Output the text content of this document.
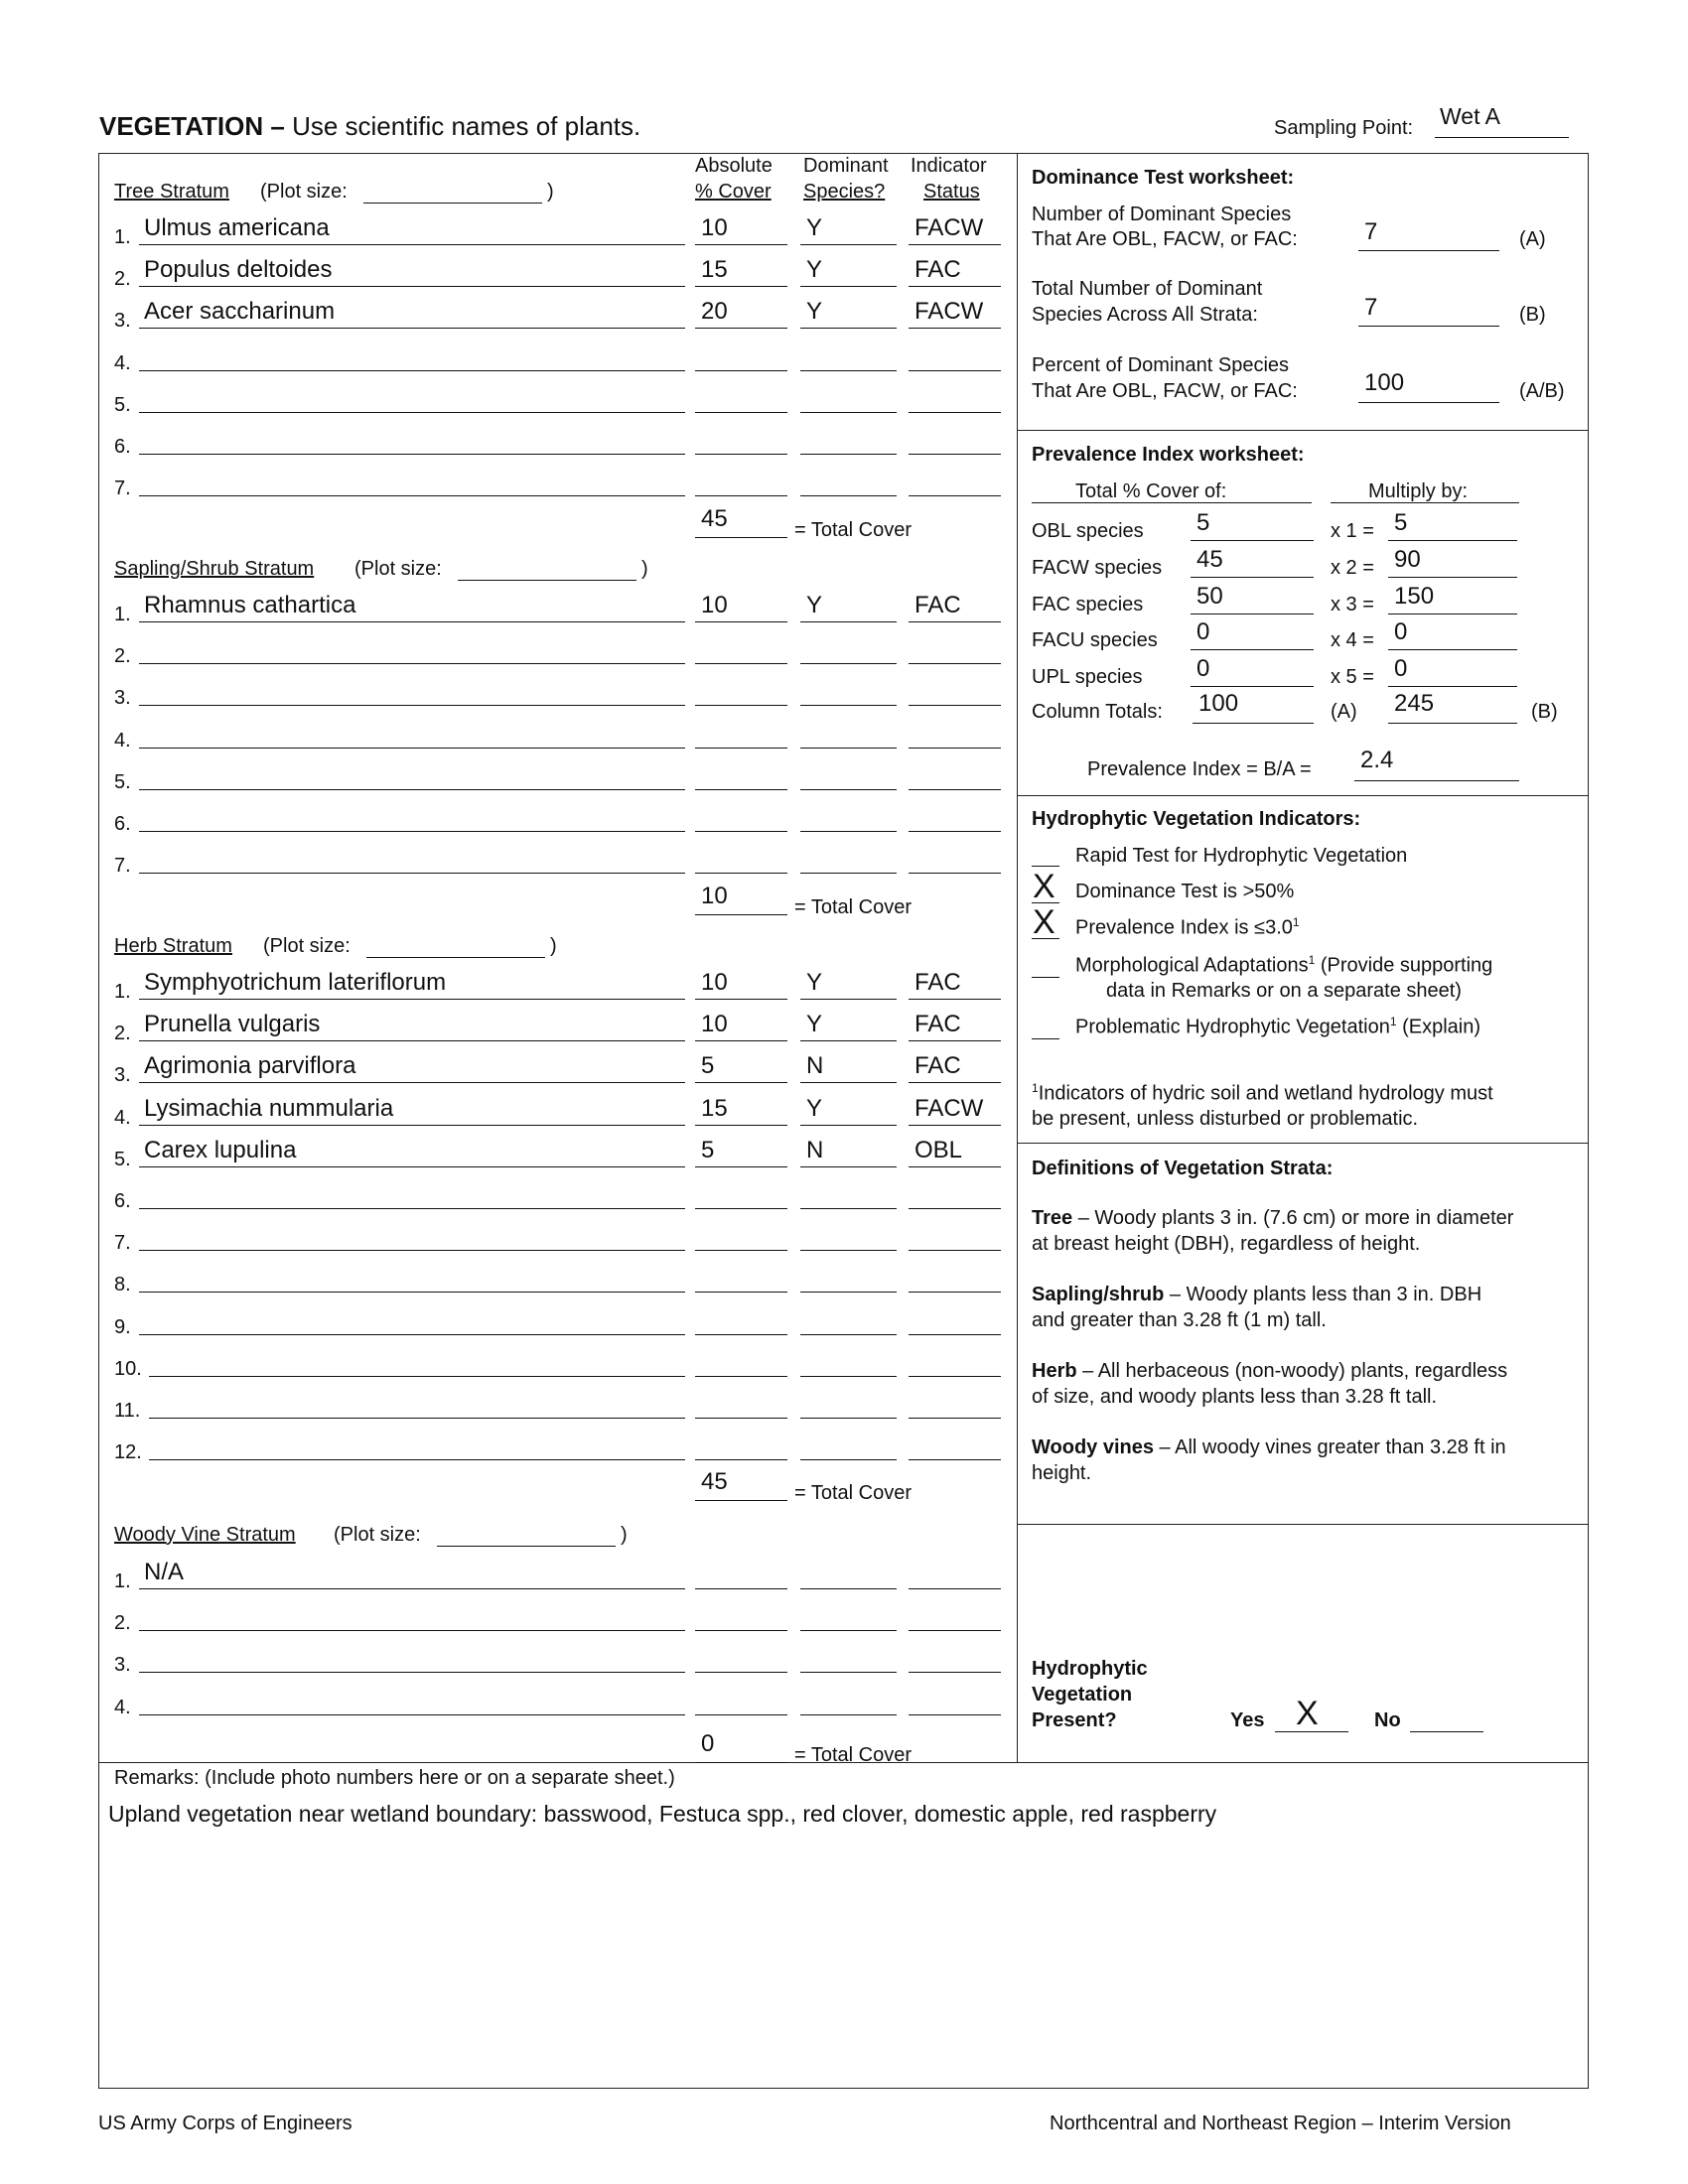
VEGETATION – Use scientific names of plants.	Sampling Point: Wet A
Absolute
% Cover
Dominant
Species?
Indicator
Status
Tree Stratum (Plot size:	)
1. Ulmus americana	10	Y	FACW
2. Populus deltoides	15	Y	FAC
3. Acer saccharinum	20	Y	FACW
4.
5.
6.
7.
45	= Total Cover
Sapling/Shrub Stratum (Plot size:	)
1. Rhamnus cathartica	10	Y	FAC
2.
3.
4.
5.
6.
7.
10	= Total Cover
Herb Stratum (Plot size:	)
1. Symphyotrichum lateriflorum	10	Y	FAC
2. Prunella vulgaris	10	Y	FAC
3. Agrimonia parviflora	5	N	FAC
4. Lysimachia nummularia	15	Y	FACW
5. Carex lupulina	5	N	OBL
6.
7.
8.
9.
10.
11.
12.
45	= Total Cover
Woody Vine Stratum (Plot size:	)
1. N/A
2.
3.
4.
0	= Total Cover
Dominance Test worksheet:
Number of Dominant Species
That Are OBL, FACW, or FAC:	7	(A)
Total Number of Dominant
Species Across All Strata:	7	(B)
Percent of Dominant Species
That Are OBL, FACW, or FAC:	100	(A/B)
Prevalence Index worksheet:
Total % Cover of:	Multiply by:
OBL species 5	x 1 = 5
FACW species 45	x 2 = 90
FAC species 50	x 3 = 150
FACU species 0	x 4 = 0
UPL species 0	x 5 = 0
Column Totals: 100	(A) 245	(B)
Prevalence Index = B/A = 2.4
Hydrophytic Vegetation Indicators:
Rapid Test for Hydrophytic Vegetation
X Dominance Test is >50%
X Prevalence Index is $\le 3.0^1$
Morphological Adaptations$^1$ (Provide supporting
data in Remarks or on a separate sheet)
Problematic Hydrophytic Vegetation$^1$ (Explain)
$^1$Indicators of hydric soil and wetland hydrology must
be present, unless disturbed or problematic.
Definitions of Vegetation Strata:
Tree – Woody plants 3 in. (7.6 cm) or more in diameter
at breast height (DBH), regardless of height.
Sapling/shrub – Woody plants less than 3 in. DBH
and greater than 3.28 ft (1 m) tall.
Herb – All herbaceous (non-woody) plants, regardless
of size, and woody plants less than 3.28 ft tall.
Woody vines – All woody vines greater than 3.28 ft in
height.
Hydrophytic
Vegetation
Present?	Yes X	No
Remarks: (Include photo numbers here or on a separate sheet.)
Upland vegetation near wetland boundary: basswood, Festuca spp., red clover, domestic apple, red raspberry
US Army Corps of Engineers	Northcentral and Northeast Region – Interim Version
